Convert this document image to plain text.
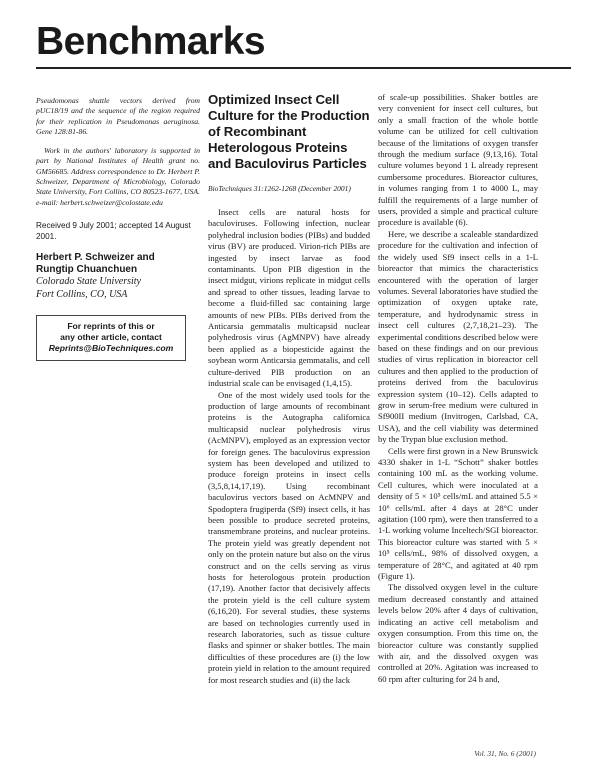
Benchmarks

Pseudomonas shuttle vectors derived from pUC18/19 and the sequence of the region required for their replication in Pseudomonas aeruginosa. Gene 128:81-86.

Work in the authors' laboratory is supported in part by National Institutes of Health grant no. GM56685. Address correspondence to Dr. Herbert P. Schweizer, Department of Microbiology, Colorado State University, Fort Collins, CO 80523-1677, USA. e-mail: herbert.schweizer@colostate.edu

Received 9 July 2001; accepted 14 August 2001.
Herbert P. Schweizer and
Rungtip Chuanchuen
Colorado State University
Fort Collins, CO, USA
For reprints of this or
any other article, contact
Reprints@BioTechniques.com
Optimized Insect Cell Culture for the Production of Recombinant Heterologous Proteins and Baculovirus Particles
BioTechniques 31:1262-1268 (December 2001)

Insect cells are natural hosts for baculoviruses. Following infection, nuclear polyhedral inclusion bodies (PIBs) and budded virus (BV) are produced. Virion-rich PIBs are ingested by insect larvae as food contaminants. Upon PIB digestion in the insect midgut, virions replicate in midgut cells and spread to other tissues, leading larvae to become a fluid-filled sac containing large amounts of new PIBs. PIBs derived from the Anticarsia gemmatalis multicapsid nuclear polyhedrosis virus (AgMNPV) have already been applied as a biopesticide against the soybean worm Anticarsia gemmatalis, and cell culture-derived PIB production on an industrial scale can be envisaged (1,4,15).

One of the most widely used tools for the production of large amounts of recombinant proteins is the Autographa californica multicapsid nuclear polyhedrosis virus (AcMNPV), employed as an expression vector for foreign genes. The baculovirus expression system has been developed and utilized to produce foreign proteins in insect cells (3,5,8,14,17,19). Using recombinant baculovirus vectors based on AcMNPV and Spodoptera frugiperda (Sf9) insect cells, it has been possible to produce secreted proteins, transmembrane proteins, and nuclear proteins. The protein yield was greatly dependent not only on the protein nature but also on the virus construct and on the cells serving as virus hosts for heterologous protein production (17,19). Another factor that decisively affects the protein yield is the cell culture system (6,16,20). For several studies, these systems are based on technologies currently used in research laboratories, such as tissue culture flasks and spinner or shaker bottles. The main difficulties of these procedures are (i) the low protein yield in relation to the amount required for most research studies and (ii) the lack

of scale-up possibilities. Shaker bottles are very convenient for insect cell cultures, but only a small fraction of the whole bottle volume can be utilized for cell cultivation because of the limitations of oxygen transfer through the medium surface (9,13,16). Total culture volumes beyond 1 L already represent cumbersome procedures. Bioreactor cultures, in volumes ranging from 1 to 4000 L, may fulfill the requirements of a large number of users, provided a simple and practical culture procedure is available (6).

Here, we describe a scaleable standardized procedure for the cultivation and infection of the widely used Sf9 insect cells in a 1-L bioreactor that mimics the characteristics encountered with the operation of larger volumes. Several laboratories have studied the optimization of oxygen uptake rate, temperature, and hydrodynamic stress in insect cell cultures (2,7,18,21–23). The experimental conditions described below were based on these findings and on our previous studies of virus replication in bioreactor cell cultures and then applied to the production of proteins derived from the baculovirus expression system (10–12). Cells adapted to grow in serum-free medium were cultured in Sf900II medium (Invitrogen, Carlsbad, CA, USA), and the cell viability was determined by the Trypan blue exclusion method.

Cells were first grown in a New Brunswick 4330 shaker in 1-L “Schott” shaker bottles containing 100 mL as the working volume. Cell cultures, which were inoculated at a density of 5 × 10⁵ cells/mL and attained 5.5 × 10⁶ cells/mL after 4 days at 28°C under agitation (100 rpm), were then transferred to a 1-L working volume Inceltech/SGI bioreactor. This bioreactor culture was started with 5 × 10⁵ cells/mL, 98% of dissolved oxygen, a temperature of 28°C, and agitated at 40 rpm (Figure 1).

The dissolved oxygen level in the culture medium decreased constantly and attained levels below 20% after 4 days of cultivation, indicating an active cell metabolism and oxygen consumption. From this time on, the bioreactor culture was constantly supplied with air, and the dissolved oxygen was controlled at 20%. Agitation was increased to 60 rpm after culturing for 24 h and,

Vol. 31, No. 6 (2001)
